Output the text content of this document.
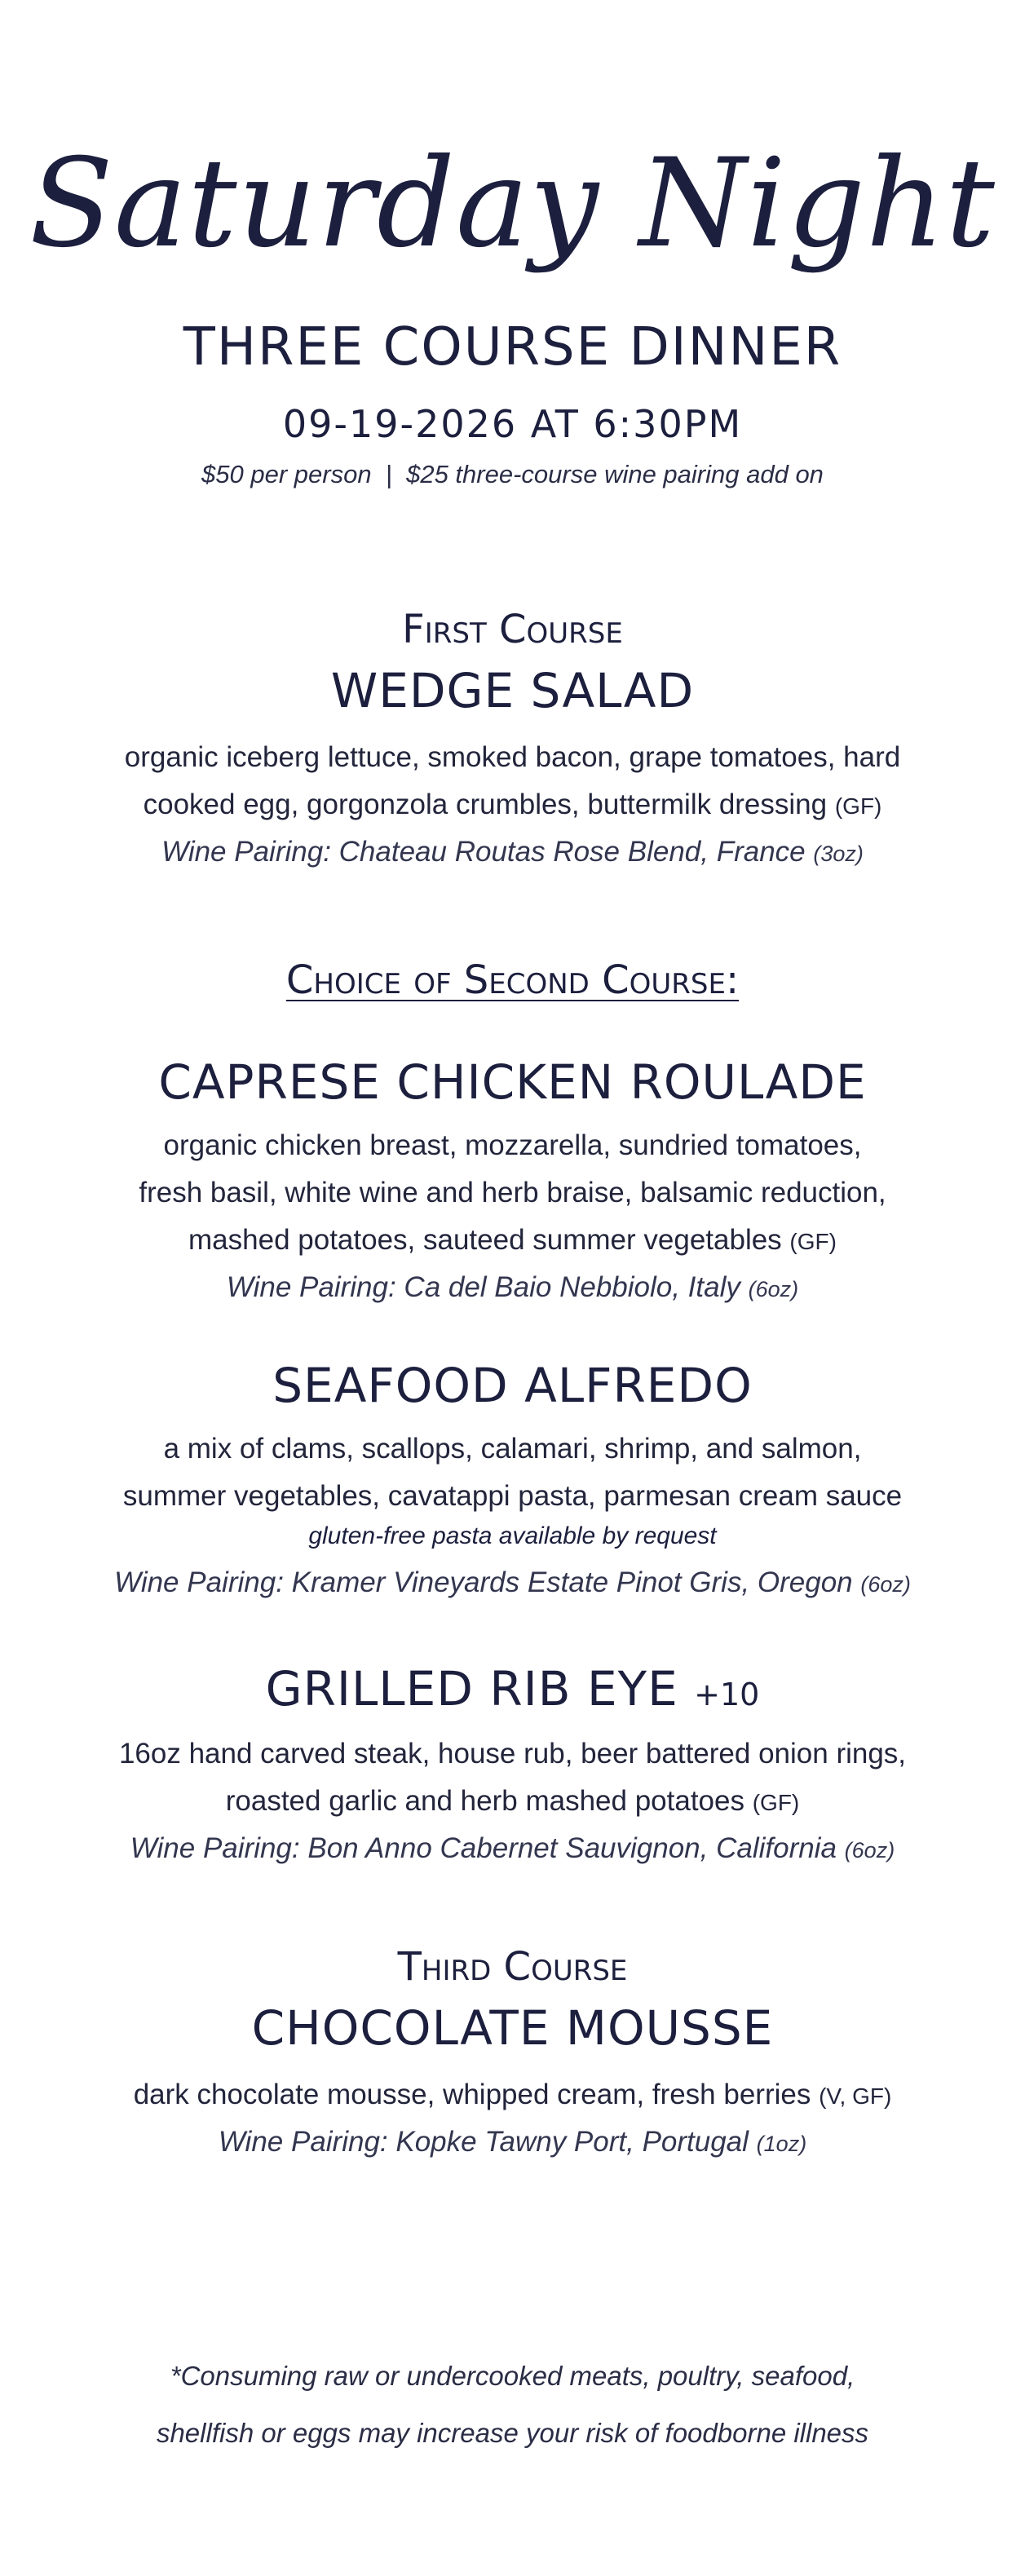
Saturday Night
THREE COURSE DINNER
09-19-2026 AT 6:30PM
$50 per person  |  $25 three-course wine pairing add on
First Course
WEDGE SALAD
organic iceberg lettuce, smoked bacon, grape tomatoes, hard
cooked egg, gorgonzola crumbles, buttermilk dressing (GF)
Wine Pairing: Chateau Routas Rose Blend, France (3oz)
Choice of Second Course:
CAPRESE CHICKEN ROULADE
organic chicken breast, mozzarella, sundried tomatoes,
fresh basil, white wine and herb braise, balsamic reduction,
mashed potatoes, sauteed summer vegetables (GF)
Wine Pairing: Ca del Baio Nebbiolo, Italy (6oz)
SEAFOOD ALFREDO
a mix of clams, scallops, calamari, shrimp, and salmon,
summer vegetables, cavatappi pasta, parmesan cream sauce
gluten-free pasta available by request
Wine Pairing: Kramer Vineyards Estate Pinot Gris, Oregon (6oz)
GRILLED RIB EYE +10
16oz hand carved steak, house rub, beer battered onion rings,
roasted garlic and herb mashed potatoes (GF)
Wine Pairing: Bon Anno Cabernet Sauvignon, California (6oz)
Third Course
CHOCOLATE MOUSSE
dark chocolate mousse, whipped cream, fresh berries (V, GF)
Wine Pairing: Kopke Tawny Port, Portugal (1oz)
*Consuming raw or undercooked meats, poultry, seafood,
shellfish or eggs may increase your risk of foodborne illness
